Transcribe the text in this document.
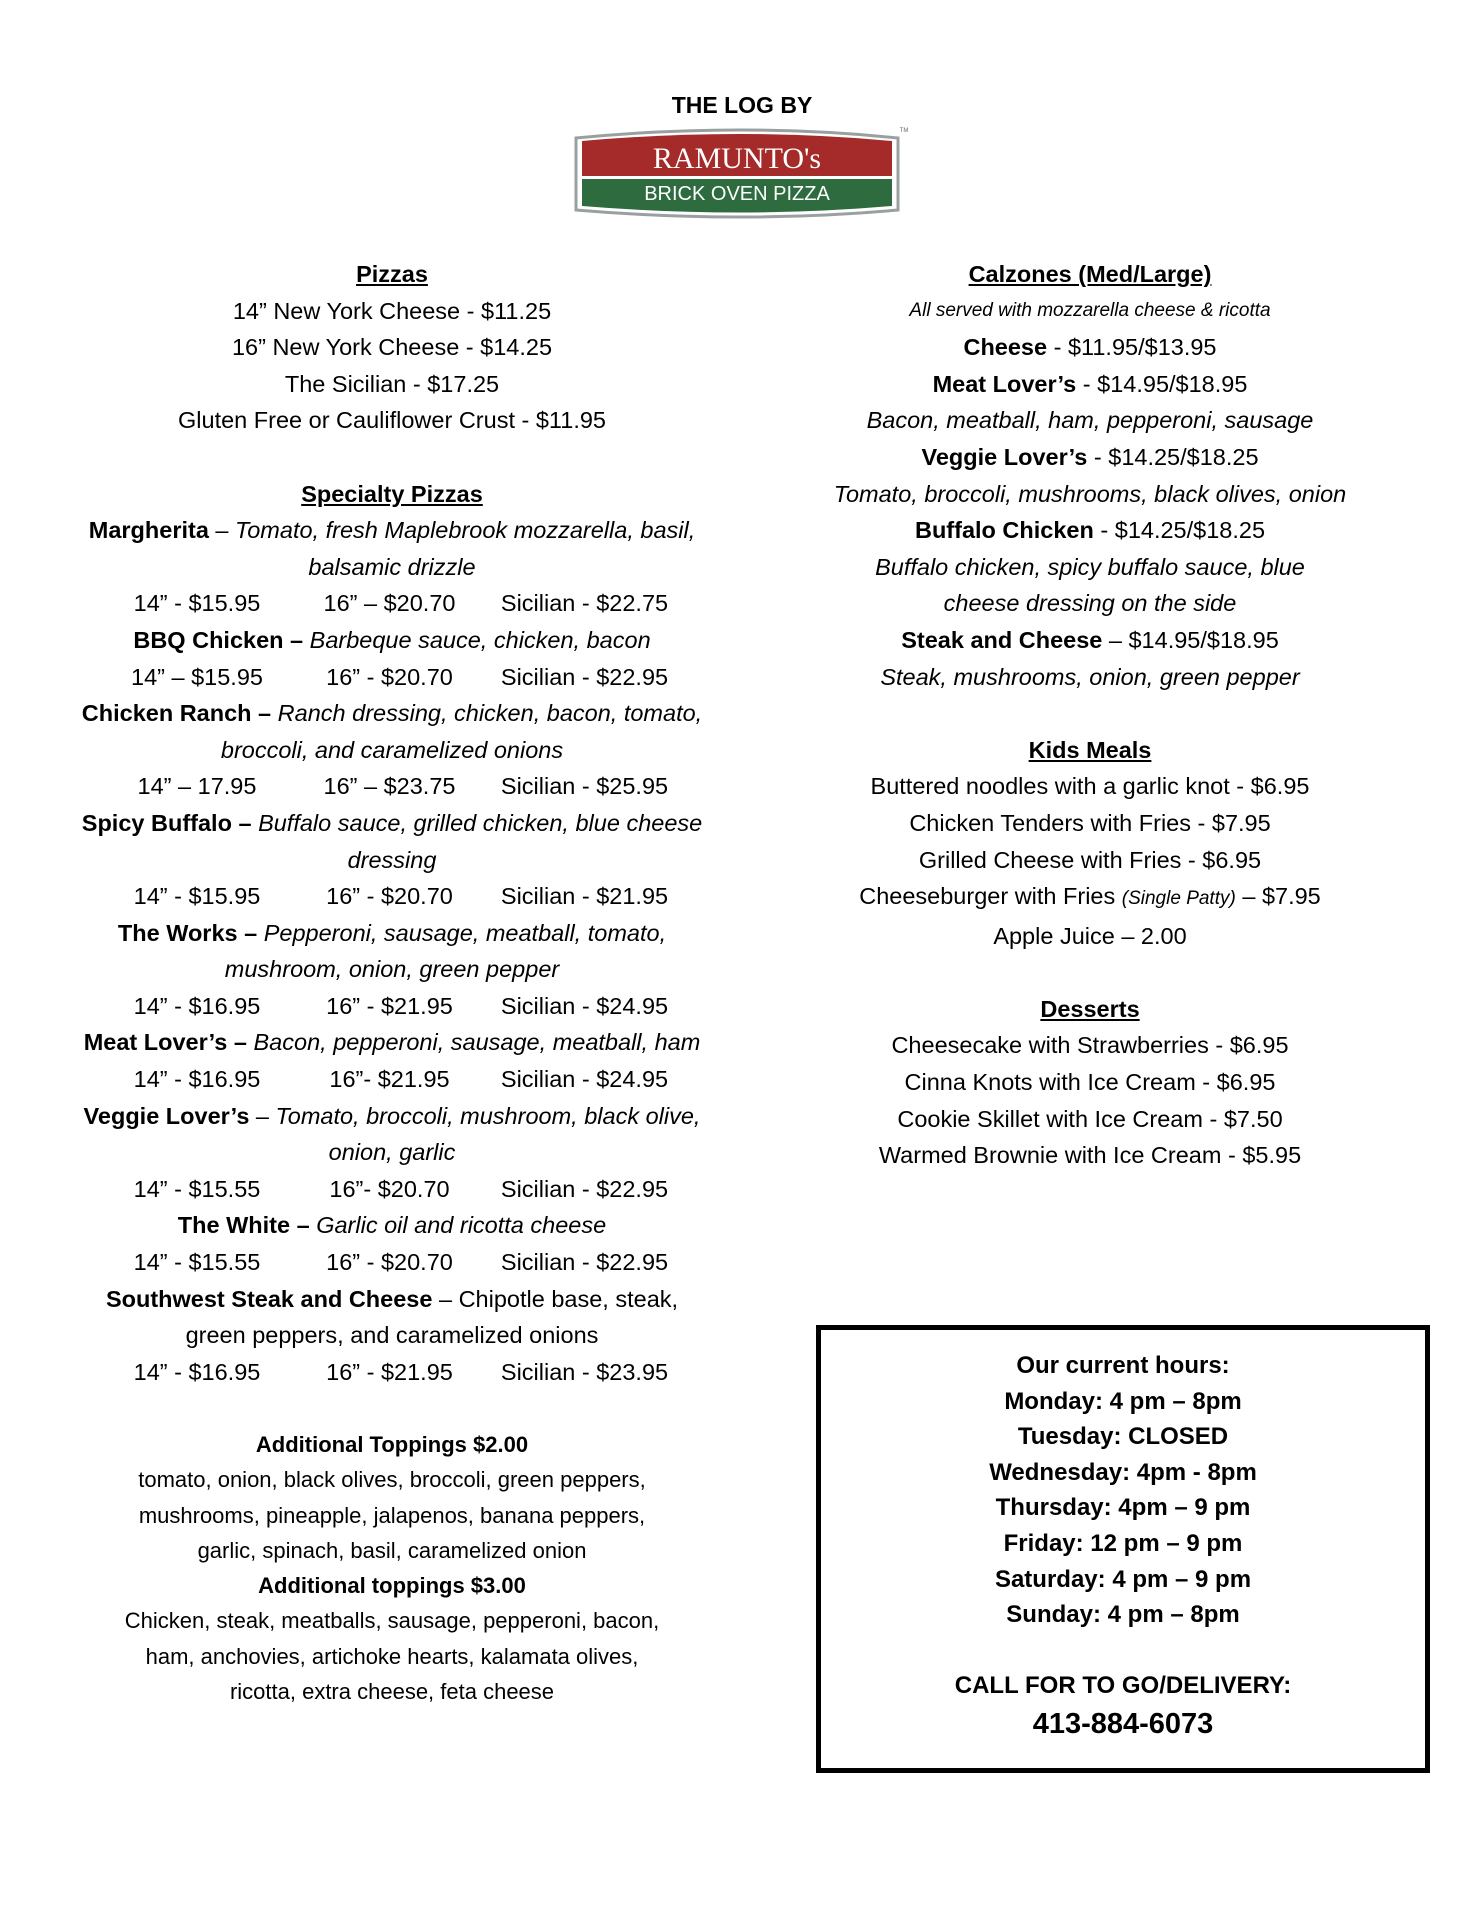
THE LOG BY
RAMUNTO's
BRICK OVEN PIZZA
TM
Pizzas
14” New York Cheese - $11.25
16” New York Cheese - $14.25
The Sicilian - $17.25
Gluten Free or Cauliflower Crust - $11.95
Specialty Pizzas
Margherita – Tomato, fresh Maplebrook mozzarella, basil, balsamic drizzle
14” - $15.95	16” – $20.70	Sicilian - $22.75
BBQ Chicken – Barbeque sauce, chicken, bacon
14” – $15.95	16” - $20.70	Sicilian - $22.95
Chicken Ranch – Ranch dressing, chicken, bacon, tomato, broccoli, and caramelized onions
14” – 17.95	16” – $23.75	Sicilian - $25.95
Spicy Buffalo – Buffalo sauce, grilled chicken, blue cheese dressing
14” - $15.95	16” - $20.70	Sicilian - $21.95
The Works – Pepperoni, sausage, meatball, tomato, mushroom, onion, green pepper
14” - $16.95	16” - $21.95	Sicilian - $24.95
Meat Lover’s – Bacon, pepperoni, sausage, meatball, ham
14” - $16.95	16”- $21.95	Sicilian - $24.95
Veggie Lover’s – Tomato, broccoli, mushroom, black olive, onion, garlic
14” - $15.55	16”- $20.70	Sicilian - $22.95
The White – Garlic oil and ricotta cheese
14” - $15.55	16” - $20.70	Sicilian - $22.95
Southwest Steak and Cheese – Chipotle base, steak, green peppers, and caramelized onions
14” - $16.95	16” - $21.95	Sicilian - $23.95
Additional Toppings $2.00
tomato, onion, black olives, broccoli, green peppers, mushrooms, pineapple, jalapenos, banana peppers, garlic, spinach, basil, caramelized onion
Additional toppings $3.00
Chicken, steak, meatballs, sausage, pepperoni, bacon, ham, anchovies, artichoke hearts, kalamata olives, ricotta, extra cheese, feta cheese
Calzones (Med/Large)
All served with mozzarella cheese & ricotta
Cheese - $11.95/$13.95
Meat Lover’s - $14.95/$18.95
Bacon, meatball, ham, pepperoni, sausage
Veggie Lover’s - $14.25/$18.25
Tomato, broccoli, mushrooms, black olives, onion
Buffalo Chicken - $14.25/$18.25
Buffalo chicken, spicy buffalo sauce, blue cheese dressing on the side
Steak and Cheese – $14.95/$18.95
Steak, mushrooms, onion, green pepper
Kids Meals
Buttered noodles with a garlic knot - $6.95
Chicken Tenders with Fries - $7.95
Grilled Cheese with Fries - $6.95
Cheeseburger with Fries (Single Patty) – $7.95
Apple Juice – 2.00
Desserts
Cheesecake with Strawberries - $6.95
Cinna Knots with Ice Cream - $6.95
Cookie Skillet with Ice Cream - $7.50
Warmed Brownie with Ice Cream - $5.95
Our current hours:
Monday: 4 pm – 8pm
Tuesday: CLOSED
Wednesday: 4pm - 8pm
Thursday: 4pm – 9 pm
Friday: 12 pm – 9 pm
Saturday: 4 pm – 9 pm
Sunday: 4 pm – 8pm
CALL FOR TO GO/DELIVERY:
413-884-6073
